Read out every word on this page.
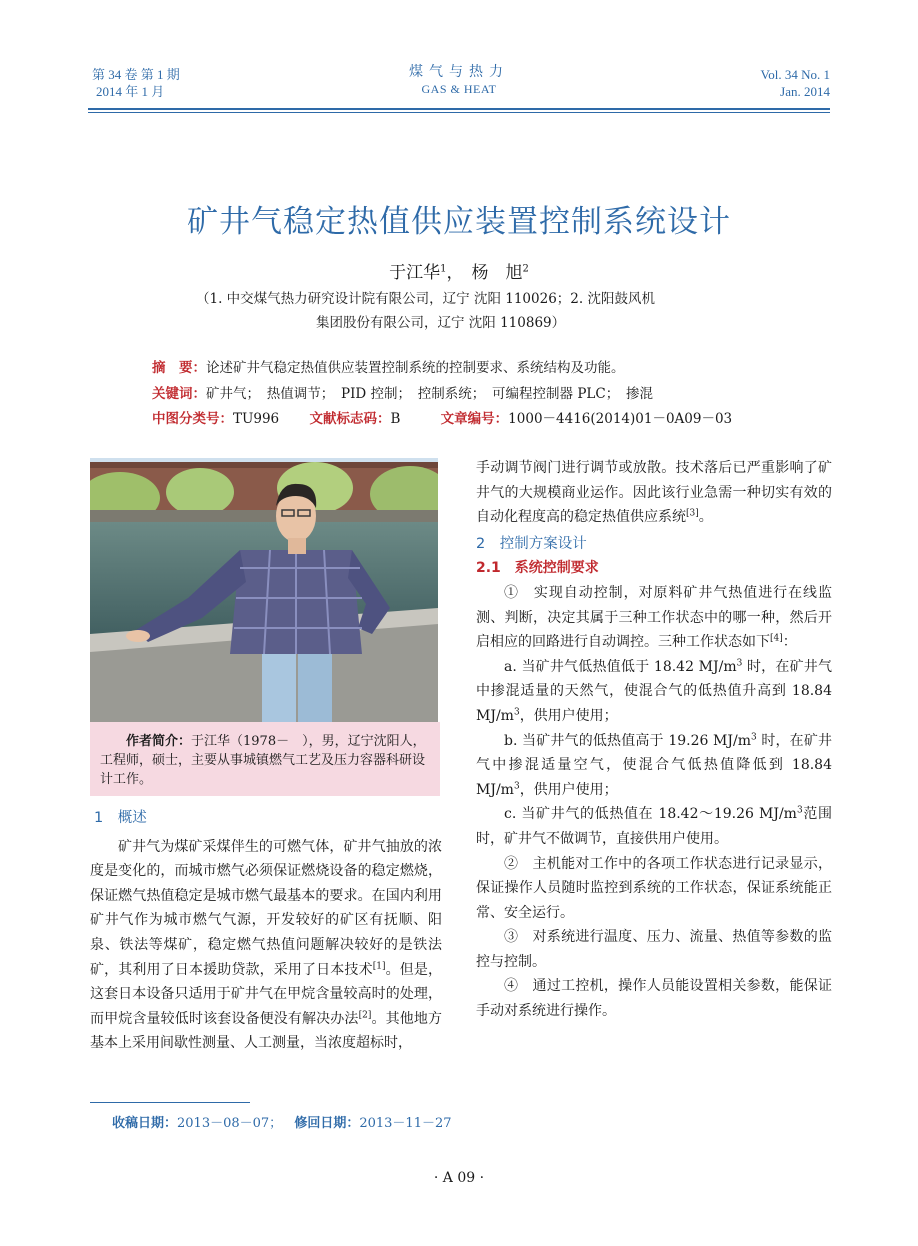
第 34 卷 第 1 期
2014 年 1 月
煤气与热力
GAS & HEAT
Vol. 34 No. 1
Jan. 2014
矿井气稳定热值供应装置控制系统设计
于江华$^1$， 杨　旭$^2$
（1. 中交煤气热力研究设计院有限公司，辽宁 沈阳 110026；2. 沈阳鼓风机
集团股份有限公司，辽宁 沈阳 110869）
摘　要：论述矿井气稳定热值供应装置控制系统的控制要求、系统结构及功能。
关键词：矿井气；　热值调节；　PID 控制；　控制系统；　可编程控制器 PLC；　掺混
中图分类号：TU996 文献标志码：B	文章编号：1000－4416(2014)01－0A09－03
作者简介：于江华（1978－　），男，辽宁沈阳人，工程师，硕士，主要从事城镇燃气工艺及压力容器科研设计工作。

1　概述

矿井气为煤矿采煤伴生的可燃气体，矿井气抽放的浓度是变化的，而城市燃气必须保证燃烧设备的稳定燃烧，保证燃气热值稳定是城市燃气最基本的要求。在国内利用矿井气作为城市燃气气源，开发较好的矿区有抚顺、阳泉、铁法等煤矿，稳定燃气热值问题解决较好的是铁法矿，其利用了日本援助贷款，采用了日本技术[1]。但是，这套日本设备只适用于矿井气在甲烷含量较高时的处理，而甲烷含量较低时该套设备便没有解决办法[2]。其他地方基本上采用间歇性测量、人工测量，当浓度超标时，

手动调节阀门进行调节或放散。技术落后已严重影响了矿井气的大规模商业运作。因此该行业急需一种切实有效的自动化程度高的稳定热值供应系统[3]。

2　控制方案设计

2.1　系统控制要求

①　实现自动控制，对原料矿井气热值进行在线监测、判断，决定其属于三种工作状态中的哪一种，然后开启相应的回路进行自动调控。三种工作状态如下[4]：

a. 当矿井气低热值低于 18.42 $MJ/m^3$ 时，在矿井气中掺混适量的天然气，使混合气的低热值升高到 18.84 $MJ/m^3$，供用户使用；

b. 当矿井气的低热值高于 19.26 $MJ/m^3$ 时，在矿井气中掺混适量空气，使混合气低热值降低到 18.84 $MJ/m^3$，供用户使用；

c. 当矿井气的低热值在 18.42～19.26 $MJ/m^3$范围时，矿井气不做调节，直接供用户使用。

②　主机能对工作中的各项工作状态进行记录显示，保证操作人员随时监控到系统的工作状态，保证系统能正常、安全运行。

③　对系统进行温度、压力、流量、热值等参数的监控与控制。

④　通过工控机，操作人员能设置相关参数，能保证手动对系统进行操作。

收稿日期：2013－08－07； 修回日期：2013－11－27
· A 09 ·
